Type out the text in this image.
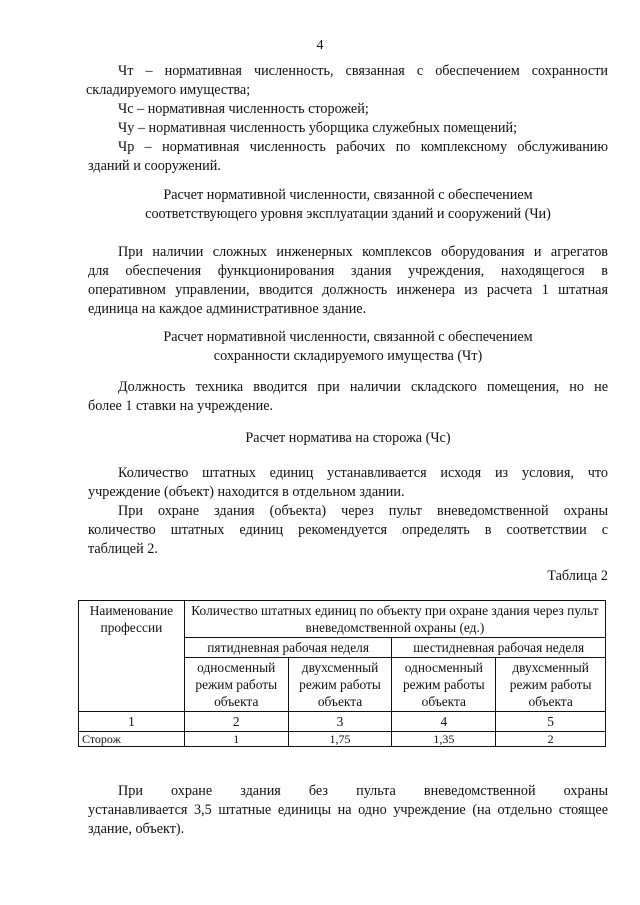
4
Чт – нормативная численность, связанная с обеспечением сохранности
складируемого имущества;
Чс – нормативная численность сторожей;
Чу – нормативная численность уборщика служебных помещений;
Чр – нормативная численность рабочих по комплексному обслуживанию
зданий и сооружений.
Расчет нормативной численности, связанной с обеспечением
соответствующего уровня эксплуатации зданий и сооружений (Чи)
При наличии сложных инженерных комплексов оборудования и агрегатов
для обеспечения функционирования здания учреждения, находящегося в
оперативном управлении, вводится должность инженера из расчета 1 штатная
единица на каждое административное здание.
Расчет нормативной численности, связанной с обеспечением
сохранности складируемого имущества (Чт)
Должность техника вводится при наличии складского помещения, но не
более 1 ставки на учреждение.
Расчет норматива на сторожа (Чс)
Количество штатных единиц устанавливается исходя из условия, что
учреждение (объект) находится в отдельном здании.
При охране здания (объекта) через пульт вневедомственной охраны
количество штатных единиц рекомендуется определять в соответствии с
таблицей 2.
Таблица 2
Наименование профессии	Количество штатных единиц по объекту при охране здания через пульт вневедомственной охраны (ед.)			
	пятидневная рабочая неделя		шестидневная рабочая неделя	
	односменный режим работы объекта	двухсменный режим работы объекта	односменный режим работы объекта	двухсменный режим работы объекта
1	2	3	4	5
Сторож	1	1,75	1,35	2
При охране здания без пульта вневедомственной охраны
устанавливается 3,5 штатные единицы на одно учреждение (на отдельно стоящее
здание, объект).
